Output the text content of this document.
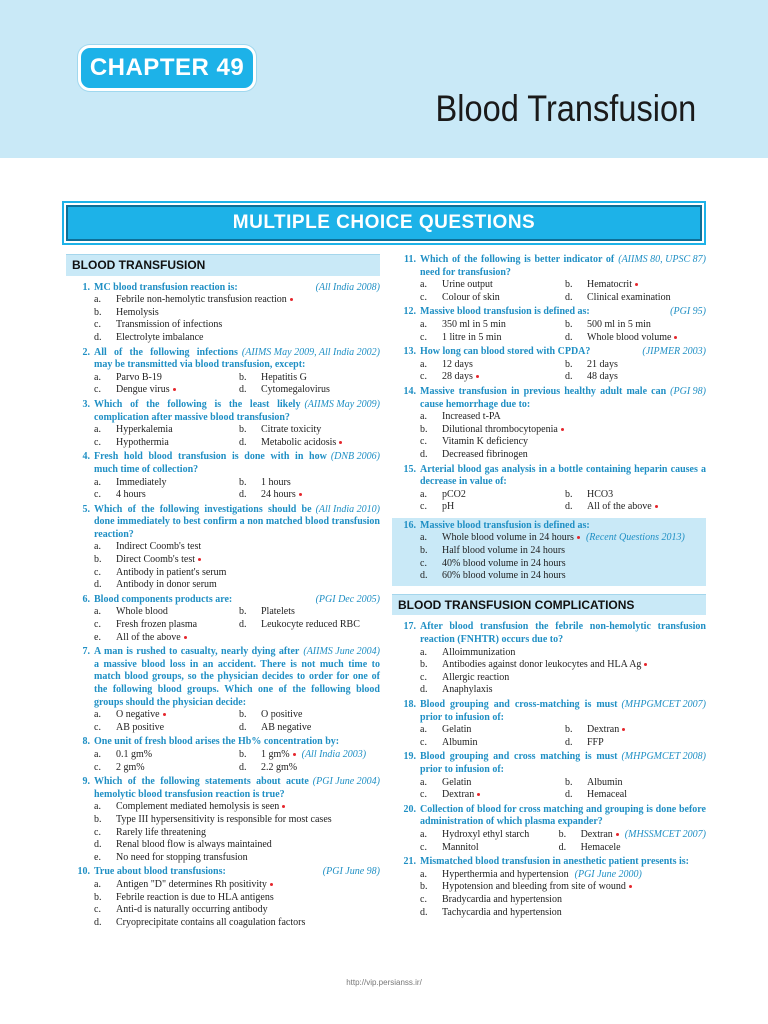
CHAPTER 49
Blood Transfusion
MULTIPLE CHOICE QUESTIONS
BLOOD TRANSFUSION
1.	(All India 2008)
MC blood transfusion reaction is:
a.	Febrile non-hemolytic transfusion reaction
b.	Hemolysis
c.	Transmission of infections
d.	Electrolyte imbalance
2.	(AIIMS May 2009, All India 2002)
All of the following infections may be transmitted via blood transfusion, except:
a.	Parvo B-19	b.	Hepatitis G
c.	Dengue virus	d.	Cytomegalovirus
3.	(AIIMS May 2009)
Which of the following is the least likely complication after massive blood transfusion?
a.	Hyperkalemia	b.	Citrate toxicity
c.	Hypothermia	d.	Metabolic acidosis
4.	(DNB 2006)
Fresh hold blood transfusion is done with in how much time of collection?
a.	Immediately	b.	1 hours
c.	4 hours	d.	24 hours
5.	(All India 2010)
Which of the following investigations should be done immediately to best confirm a non matched blood transfusion reaction?
a.	Indirect Coomb's test
b.	Direct Coomb's test
c.	Antibody in patient's serum
d.	Antibody in donor serum
6.	(PGI Dec 2005)
Blood components products are:
a.	Whole blood	b.	Platelets
c.	Fresh frozen plasma	d.	Leukocyte reduced RBC
e.	All of the above
7.	(AIIMS June 2004)
A man is rushed to casualty, nearly dying after a massive blood loss in an accident. There is not much time to match blood groups, so the physician decides to order for one of the following blood groups. Which one of the following blood groups should the physician decide:
a.	O negative	b.	O positive
c.	AB positive	d.	AB negative
8. One unit of fresh blood arises the Hb% concentration by:
a.	0.1 gm%	b.	1 gm%	(All India 2003)
c.	2 gm%	d.	2.2 gm%
9.	(PGI June 2004)
Which of the following statements about acute hemolytic blood transfusion reaction is true?
a.	Complement mediated hemolysis is seen
b.	Type III hypersensitivity is responsible for most cases
c.	Rarely life threatening
d.	Renal blood flow is always maintained
e.	No need for stopping transfusion
10.	(PGI June 98)
True about blood transfusions:
a.	Antigen "D" determines Rh positivity
b.	Febrile reaction is due to HLA antigens
c.	Anti-d is naturally occurring antibody
d.	Cryoprecipitate contains all coagulation factors
11.	(AIIMS 80, UPSC 87)
Which of the following is better indicator of need for transfusion?
a.	Urine output	b.	Hematocrit
c.	Colour of skin	d.	Clinical examination
12.	(PGI 95)
Massive blood transfusion is defined as:
a.	350 ml in 5 min	b.	500 ml in 5 min
c.	1 litre in 5 min	d.	Whole blood volume
13.	(JIPMER 2003)
How long can blood stored with CPDA?
a.	12 days	b.	21 days
c.	28 days	d.	48 days
14.	(PGI 98)
Massive transfusion in previous healthy adult male can cause hemorrhage due to:
a.	Increased t-PA
b.	Dilutional thrombocytopenia
c.	Vitamin K deficiency
d.	Decreased fibrinogen
15. Arterial blood gas analysis in a bottle containing heparin causes a decrease in value of:
a.	pCO2	b.	HCO3
c.	pH	d.	All of the above
16. Massive blood transfusion is defined as:
a.	Whole blood volume in 24 hours	(Recent Questions 2013)
b.	Half blood volume in 24 hours
c.	40% blood volume in 24 hours
d.	60% blood volume in 24 hours
BLOOD TRANSFUSION COMPLICATIONS
17. After blood transfusion the febrile non-hemolytic transfusion reaction (FNHTR) occurs due to?
a.	Alloimmunization
b.	Antibodies against donor leukocytes and HLA Ag
c.	Allergic reaction
d.	Anaphylaxis
18.	(MHPGMCET 2007)
Blood grouping and cross-matching is must prior to infusion of:
a.	Gelatin	b.	Dextran
c.	Albumin	d.	FFP
19.	(MHPGMCET 2008)
Blood grouping and cross matching is must prior to infusion of:
a.	Gelatin	b.	Albumin
c.	Dextran	d.	Hemaceal
20. Collection of blood for cross matching and grouping is done before administration of which plasma expander?
a.	Hydroxyl ethyl starch	b.	Dextran	(MHSSMCET 2007)
c.	Mannitol	d.	Hemacele
21. Mismatched blood transfusion in anesthetic patient presents is:
a.	Hyperthermia and hypertension (PGI June 2000)
b.	Hypotension and bleeding from site of wound
c.	Bradycardia and hypertension
d.	Tachycardia and hypertension
http://vip.persianss.ir/
